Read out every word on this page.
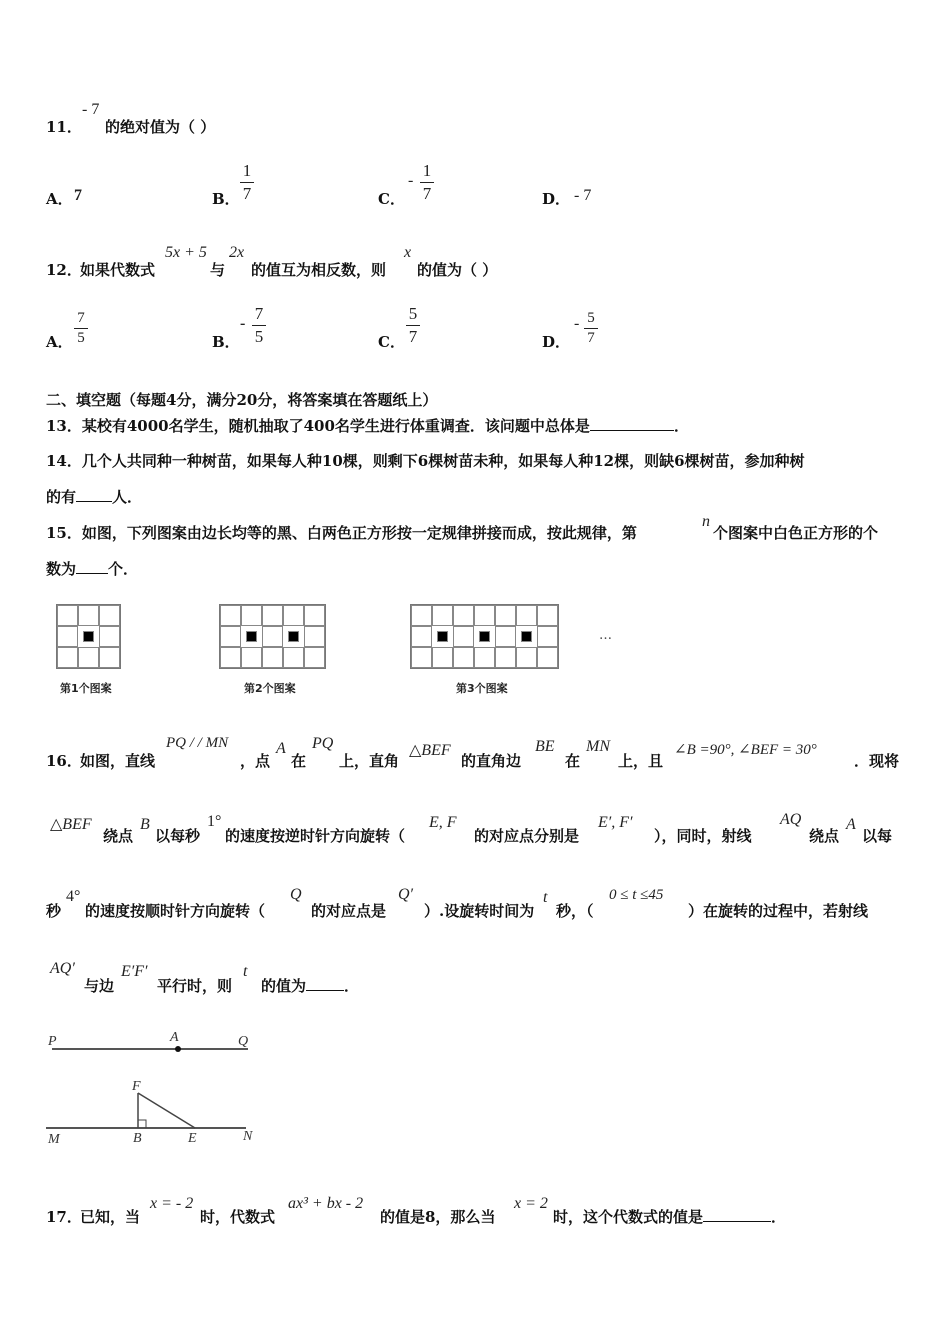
11．
- 7
的绝对值为（ ）
A． 7	B．
1
7	C．
-
1
7	D． - 7
12．
如果代数式
5x + 5
与
2x
的值互为相反数，则
x
的值为（ ）
A．
7
5	B．
-
7
5	C．
5
7	D．
- 5
7
二、填空题（每题4分，满分20分，将答案填在答题纸上）
13．某校有4000名学生，随机抽取了400名学生进行体重调查．该问题中总体是	．
14．几个人共同种一种树苗，如果每人种10棵，则剩下6棵树苗未种，如果每人种12棵，则缺6棵树苗，参加种树
的有 人．
15．如图，下列图案由边长均等的黑、白两色正方形按一定规律拼接而成，按此规律，第
n
个图案中白色正方形的个
数为 个．
第1个图案	第2个图案	第3个图案
…
16．
如图，直线
PQ / / MN
，点
A
在
PQ
上，直角
△BEF
的直角边
BE
在
MN
上，且
∠B =90°, ∠BEF = 30°
．现将
△BEF
绕点
B
以每秒
1°
的速度按逆时针方向旋转（
E, F
的对应点分别是
E′, F′
），同时，射线
AQ
绕点
A
以每
秒
4°
的速度按顺时针方向旋转（
Q
的对应点是
Q′
）.设旋转时间为
t
秒，（
0 ≤ t ≤45
）在旋转的过程中，若射线
AQ′
与边
E′F′
平行时，则
t
的值为	．
P	A	Q
F
M	B	E	N
17．
已知，当
x = - 2
时，代数式
ax³ + bx - 2
的值是8，那么当
x = 2
时，这个代数式的值是	．
